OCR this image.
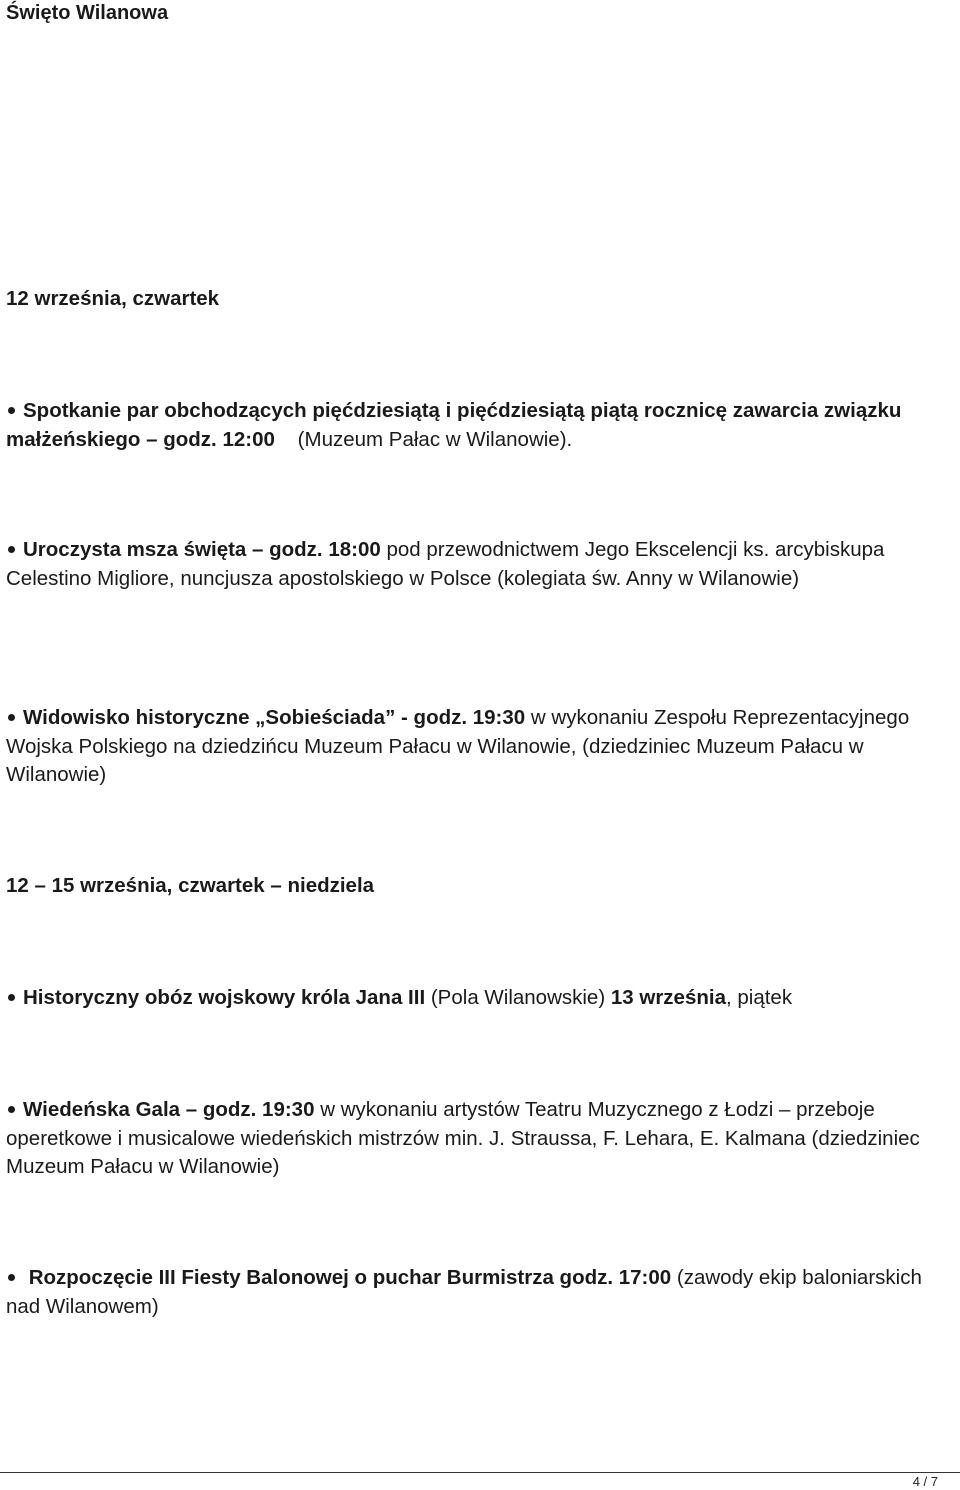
Święto Wilanowa
12 września, czwartek
Spotkanie par obchodzących pięćdziesiątą i pięćdziesiątą piątą rocznicę zawarcia związku małżeńskiego – godz. 12:00 (Muzeum Pałac w Wilanowie).
Uroczysta msza święta – godz. 18:00 pod przewodnictwem Jego Ekscelencji ks. arcybiskupa Celestino Migliore, nuncjusza apostolskiego w Polsce (kolegiata św. Anny w Wilanowie)
Widowisko historyczne „Sobieściada” - godz. 19:30 w wykonaniu Zespołu Reprezentacyjnego Wojska Polskiego na dziedzińcu Muzeum Pałacu w Wilanowie, (dziedziniec Muzeum Pałacu w Wilanowie)
12 – 15 września, czwartek – niedziela
Historyczny obóz wojskowy króla Jana III (Pola Wilanowskie) 13 września, piątek
Wiedeńska Gala – godz. 19:30 w wykonaniu artystów Teatru Muzycznego z Łodzi – przeboje operetkowe i musicalowe wiedeńskich mistrzów min. J. Straussa, F. Lehara, E. Kalmana (dziedziniec Muzeum Pałacu w Wilanowie)
Rozpoczęcie III Fiesty Balonowej o puchar Burmistrza godz. 17:00 (zawody ekip baloniarskich nad Wilanowem)
4 / 7
